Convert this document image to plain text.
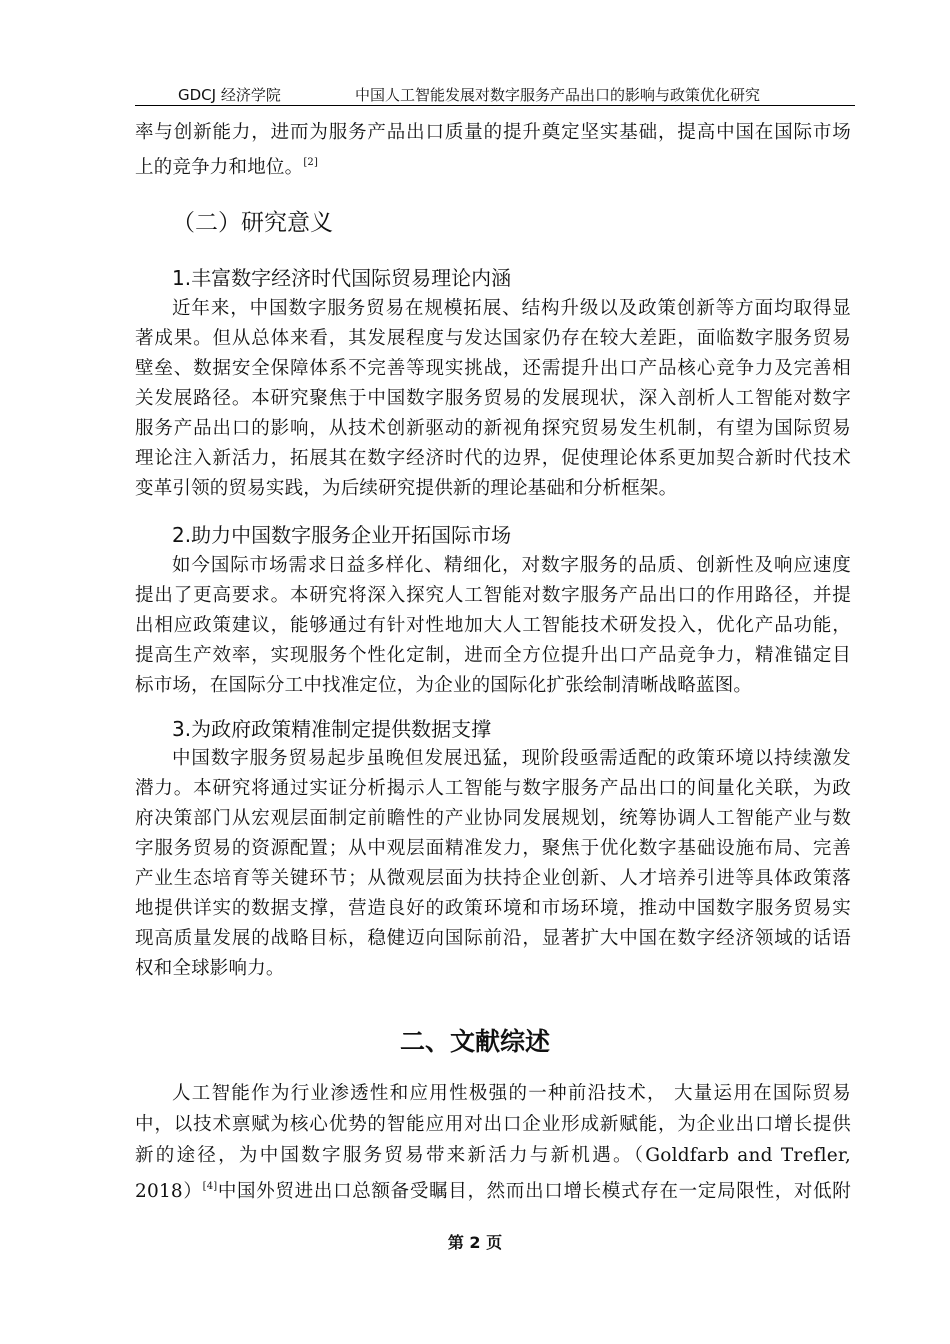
GDCJ 经济学院	中国人工智能发展对数字服务产品出口的影响与政策优化研究
率与创新能力，进而为服务产品出口质量的提升奠定坚实基础，提高中国在国际市场
上的竞争力和地位。[2]
（二）研究意义
1.丰富数字经济时代国际贸易理论内涵
近年来，中国数字服务贸易在规模拓展、结构升级以及政策创新等方面均取得显
著成果。但从总体来看，其发展程度与发达国家仍存在较大差距，面临数字服务贸易
壁垒、数据安全保障体系不完善等现实挑战，还需提升出口产品核心竞争力及完善相
关发展路径。本研究聚焦于中国数字服务贸易的发展现状，深入剖析人工智能对数字
服务产品出口的影响，从技术创新驱动的新视角探究贸易发生机制，有望为国际贸易
理论注入新活力，拓展其在数字经济时代的边界，促使理论体系更加契合新时代技术
变革引领的贸易实践，为后续研究提供新的理论基础和分析框架。
2.助力中国数字服务企业开拓国际市场
如今国际市场需求日益多样化、精细化，对数字服务的品质、创新性及响应速度
提出了更高要求。本研究将深入探究人工智能对数字服务产品出口的作用路径，并提
出相应政策建议，能够通过有针对性地加大人工智能技术研发投入，优化产品功能，
提高生产效率，实现服务个性化定制，进而全方位提升出口产品竞争力，精准锚定目
标市场，在国际分工中找准定位，为企业的国际化扩张绘制清晰战略蓝图。
3.为政府政策精准制定提供数据支撑
中国数字服务贸易起步虽晚但发展迅猛，现阶段亟需适配的政策环境以持续激发
潜力。本研究将通过实证分析揭示人工智能与数字服务产品出口的间量化关联，为政
府决策部门从宏观层面制定前瞻性的产业协同发展规划，统筹协调人工智能产业与数
字服务贸易的资源配置；从中观层面精准发力，聚焦于优化数字基础设施布局、完善
产业生态培育等关键环节；从微观层面为扶持企业创新、人才培养引进等具体政策落
地提供详实的数据支撑，营造良好的政策环境和市场环境，推动中国数字服务贸易实
现高质量发展的战略目标，稳健迈向国际前沿，显著扩大中国在数字经济领域的话语
权和全球影响力。
二、文献综述
人工智能作为行业渗透性和应用性极强的一种前沿技术， 大量运用在国际贸易
中，以技术禀赋为核心优势的智能应用对出口企业形成新赋能，为企业出口增长提供
新的途径，为中国数字服务贸易带来新活力与新机遇。（Goldfarb and Trefler,
2018）[4]中国外贸进出口总额备受瞩目，然而出口增长模式存在一定局限性，对低附
第 2 页
